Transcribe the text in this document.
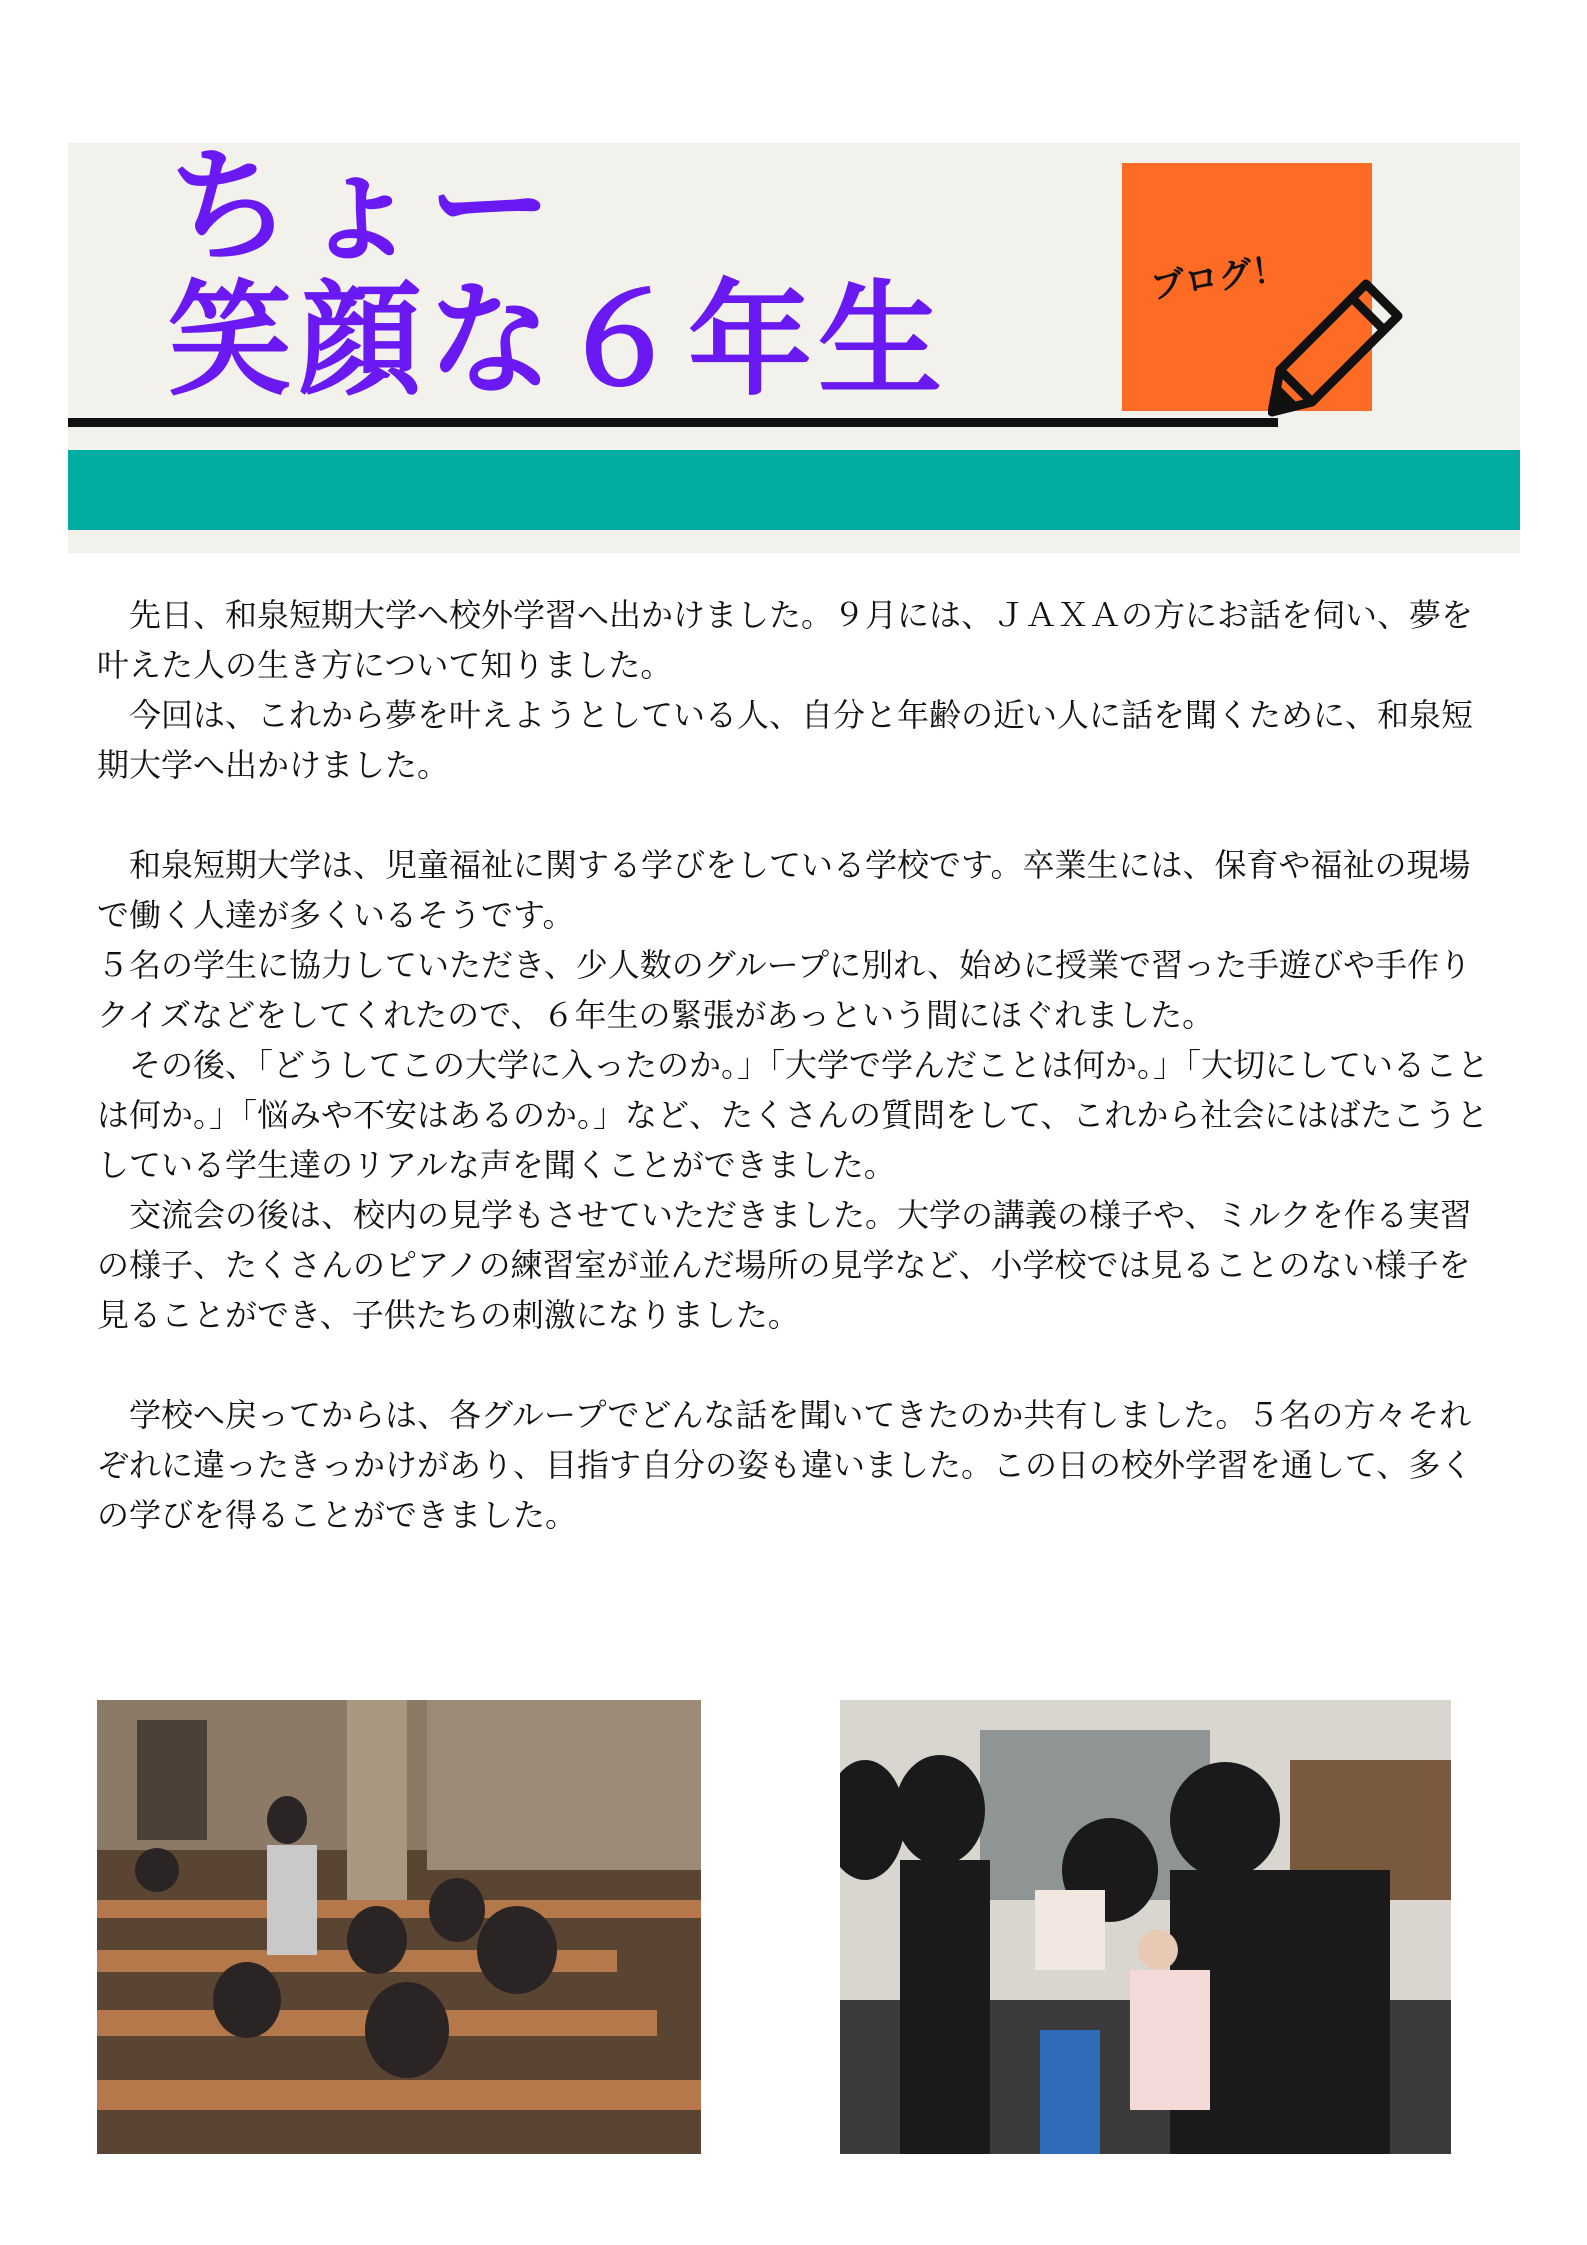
ちょー
笑顔な６年生	ブログ！

　先日、和泉短期大学へ校外学習へ出かけました。９月には、ＪＡＸＡの方にお話を伺い、夢を叶えた人の生き方について知りました。

　今回は、これから夢を叶えようとしている人、自分と年齢の近い人に話を聞くために、和泉短期大学へ出かけました。

　和泉短期大学は、児童福祉に関する学びをしている学校です。卒業生には、保育や福祉の現場で働く人達が多くいるそうです。

５名の学生に協力していただき、少人数のグループに別れ、始めに授業で習った手遊びや手作りクイズなどをしてくれたので、６年生の緊張があっという間にほぐれました。

　その後、「どうしてこの大学に入ったのか。」「大学で学んだことは何か。」「大切にしていることは何か。」「悩みや不安はあるのか。」など、たくさんの質問をして、これから社会にはばたこうとしている学生達のリアルな声を聞くことができました。

　交流会の後は、校内の見学もさせていただきました。大学の講義の様子や、ミルクを作る実習の様子、たくさんのピアノの練習室が並んだ場所の見学など、小学校では見ることのない様子を見ることができ、子供たちの刺激になりました。

　学校へ戻ってからは、各グループでどんな話を聞いてきたのか共有しました。５名の方々それぞれに違ったきっかけがあり、目指す自分の姿も違いました。この日の校外学習を通して、多くの学びを得ることができました。
